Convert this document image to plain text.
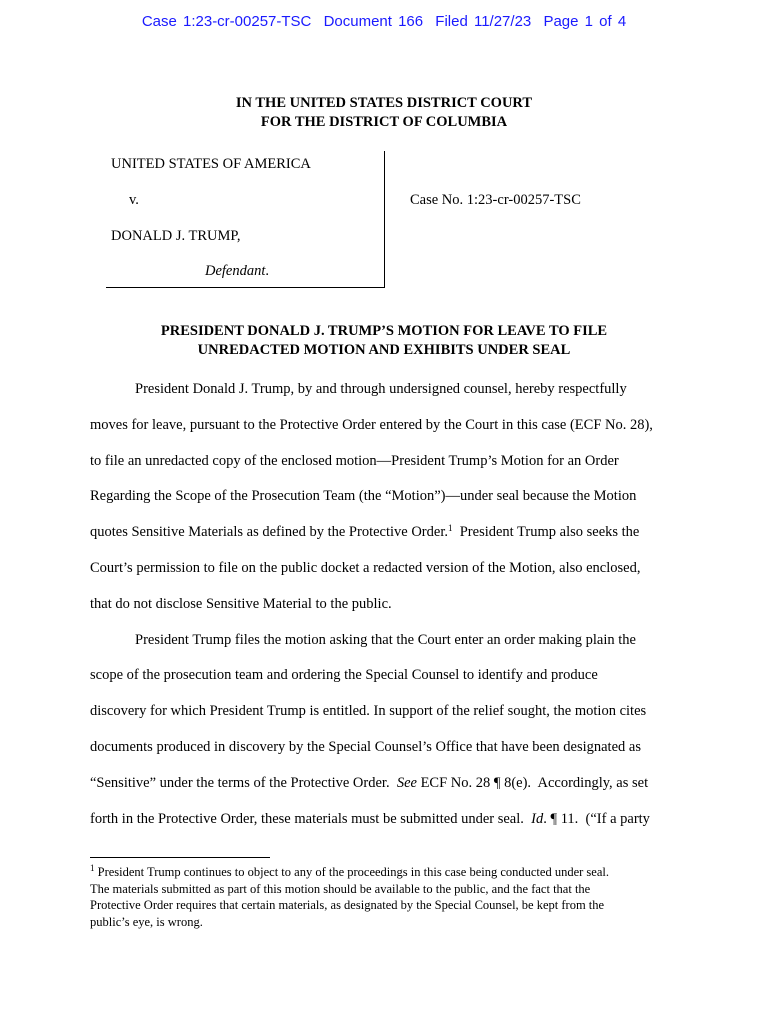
Case 1:23-cr-00257-TSC Document 166 Filed 11/27/23 Page 1 of 4
IN THE UNITED STATES DISTRICT COURT
FOR THE DISTRICT OF COLUMBIA
UNITED STATES OF AMERICA
v.
DONALD J. TRUMP,
Defendant.
Case No. 1:23-cr-00257-TSC
PRESIDENT DONALD J. TRUMP’S MOTION FOR LEAVE TO FILE
UNREDACTED MOTION AND EXHIBITS UNDER SEAL
President Donald J. Trump, by and through undersigned counsel, hereby respectfully
moves for leave, pursuant to the Protective Order entered by the Court in this case (ECF No. 28),
to file an unredacted copy of the enclosed motion—President Trump’s Motion for an Order
Regarding the Scope of the Prosecution Team (the “Motion”)—under seal because the Motion
quotes Sensitive Materials as defined by the Protective Order.$^1$  President Trump also seeks the
Court’s permission to file on the public docket a redacted version of the Motion, also enclosed,
that do not disclose Sensitive Material to the public.
President Trump files the motion asking that the Court enter an order making plain the
scope of the prosecution team and ordering the Special Counsel to identify and produce
discovery for which President Trump is entitled. In support of the relief sought, the motion cites
documents produced in discovery by the Special Counsel’s Office that have been designated as
“Sensitive” under the terms of the Protective Order.  See ECF No. 28 ¶ 8(e).  Accordingly, as set
forth in the Protective Order, these materials must be submitted under seal.  Id. ¶ 11.  (“If a party
$^1$ President Trump continues to object to any of the proceedings in this case being conducted under seal.
The materials submitted as part of this motion should be available to the public, and the fact that the
Protective Order requires that certain materials, as designated by the Special Counsel, be kept from the
public’s eye, is wrong.
